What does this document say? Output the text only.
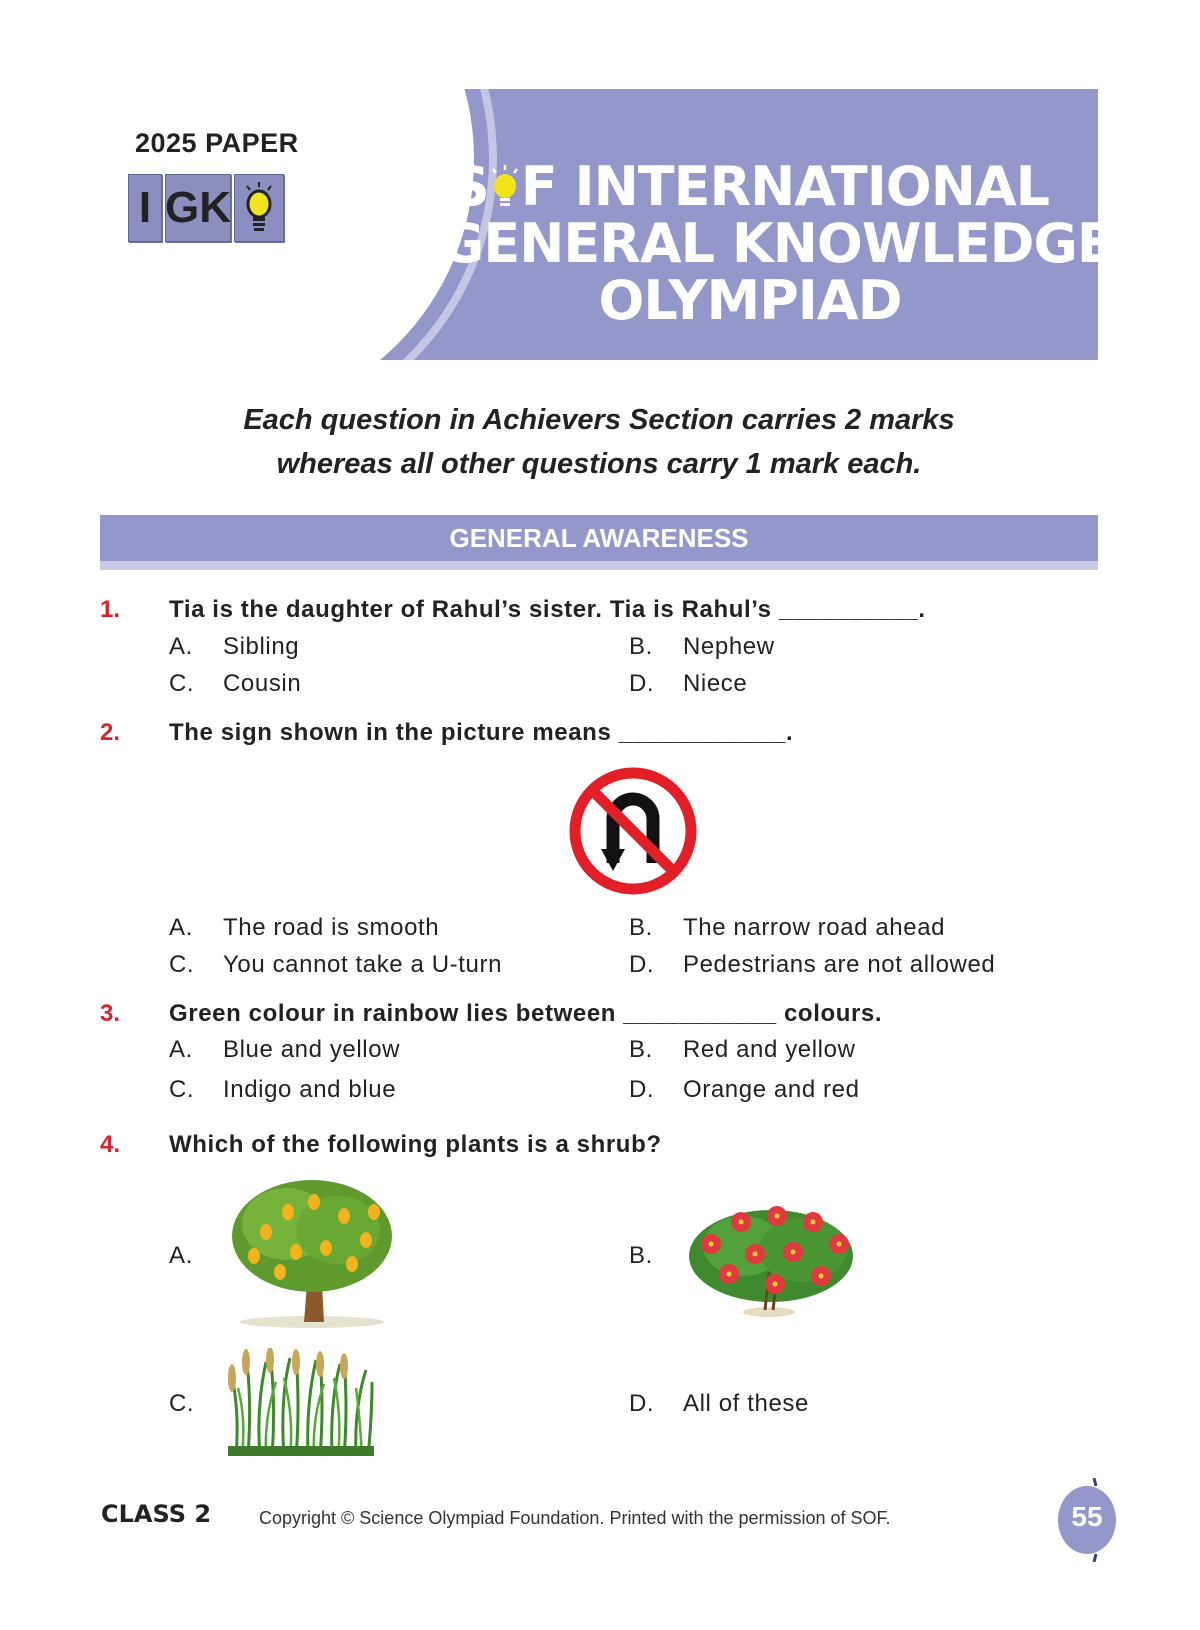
2025 PAPER
I GK	S F INTERNATIONAL
GENERAL KNOWLEDGE
OLYMPIAD
Each question in Achievers Section carries 2 marks
whereas all other questions carry 1 mark each.
GENERAL AWARENESS
1. Tia is the daughter of Rahul’s sister. Tia is Rahul’s __________.
A. Sibling	B. Nephew
C. Cousin	D. Niece
2. The sign shown in the picture means ____________.
A. The road is smooth	B. The narrow road ahead
C. You cannot take a U-turn	D. Pedestrians are not allowed
3. Green colour in rainbow lies between ___________ colours.
A. Blue and yellow	B. Red and yellow
C. Indigo and blue	D. Orange and red
4. Which of the following plants is a shrub?
A.	B.
C.	D. All of these
CLASS 2	Copyright © Science Olympiad Foundation. Printed with the permission of SOF.	55
